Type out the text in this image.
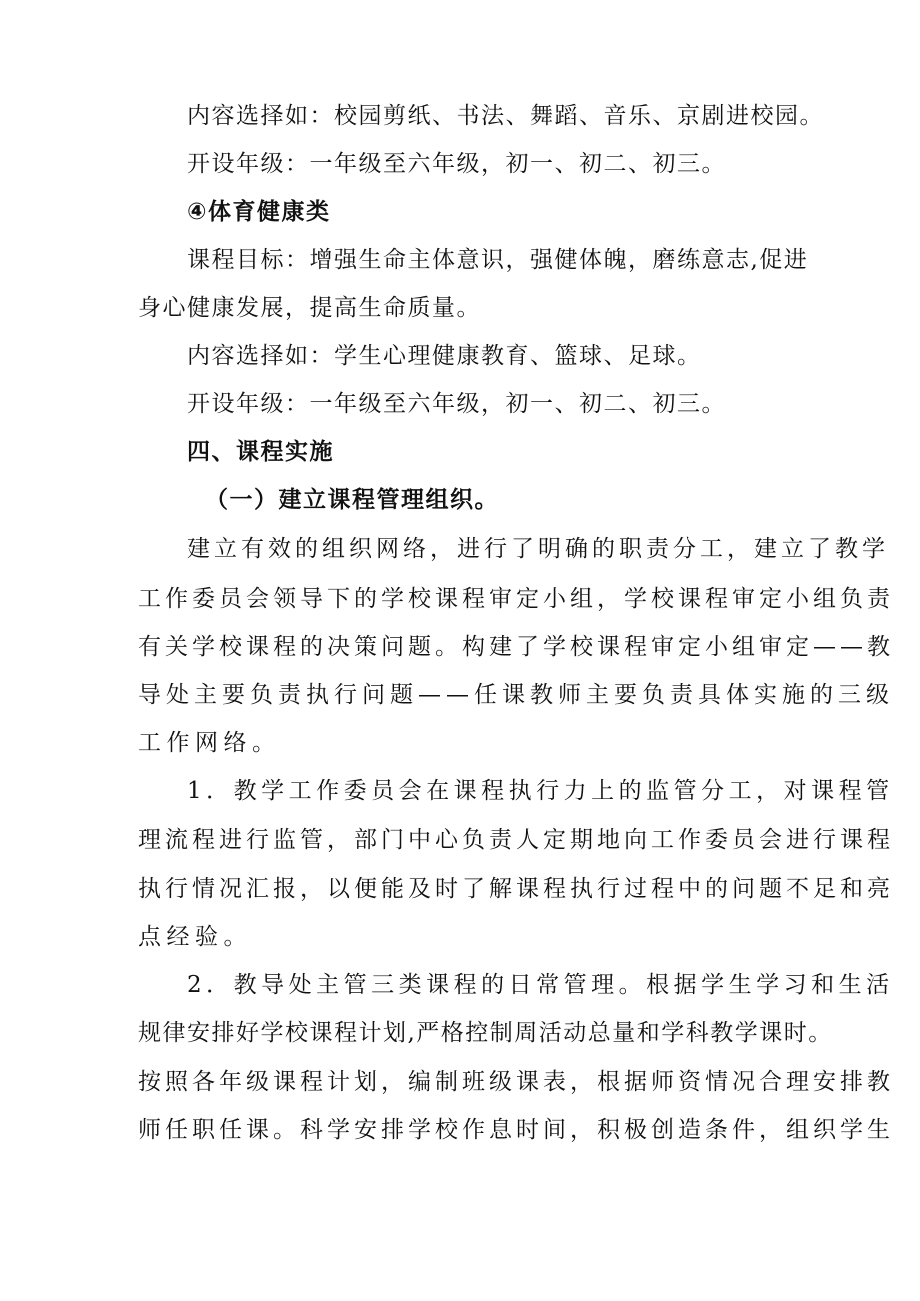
内容选择如：校园剪纸、书法、舞蹈、音乐、京剧进校园。
开设年级：一年级至六年级，初一、初二、初三。
④体育健康类
课程目标：增强生命主体意识，强健体魄，磨练意志,促进
身心健康发展，提高生命质量。
内容选择如：学生心理健康教育、篮球、足球。
开设年级：一年级至六年级，初一、初二、初三。
四、课程实施
（一）建立课程管理组织。
建立有效的组织网络，进行了明确的职责分工，建立了教学
工作委员会领导下的学校课程审定小组，学校课程审定小组负责
有关学校课程的决策问题。构建了学校课程审定小组审定——教
导处主要负责执行问题——任课教师主要负责具体实施的三级
工作网络。
1．教学工作委员会在课程执行力上的监管分工，对课程管
理流程进行监管，部门中心负责人定期地向工作委员会进行课程
执行情况汇报，以便能及时了解课程执行过程中的问题不足和亮
点经验。
2．教导处主管三类课程的日常管理。根据学生学习和生活
规律安排好学校课程计划,严格控制周活动总量和学科教学课时。
按照各年级课程计划，编制班级课表，根据师资情况合理安排教
师任职任课。科学安排学校作息时间，积极创造条件，组织学生
